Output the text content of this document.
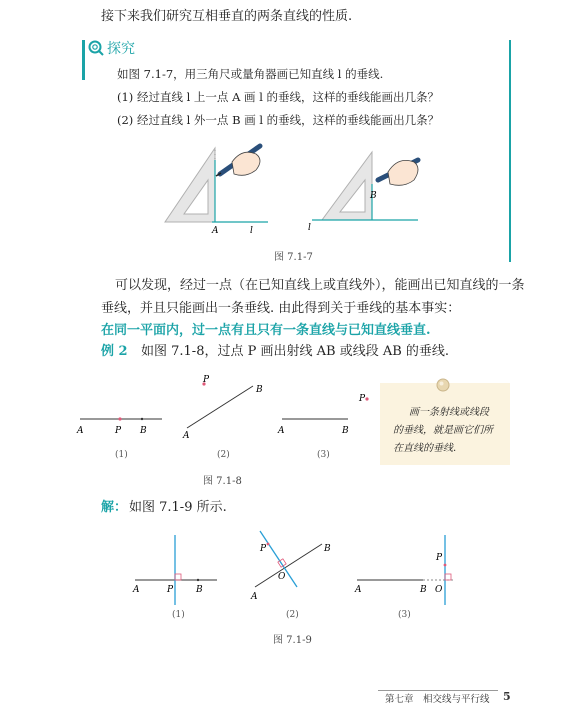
接下来我们研究互相垂直的两条直线的性质.
探究
如图 7.1-7，用三角尺或量角器画已知直线 l 的垂线.
(1) 经过直线 l 上一点 A 画 l 的垂线，这样的垂线能画出几条？
(2) 经过直线 l 外一点 B 画 l 的垂线，这样的垂线能画出几条？
A	l
B
l
图 7.1-7
可以发现，经过一点（在已知直线上或直线外），能画出已知直线的一条
垂线，并且只能画出一条垂线. 由此得到关于垂线的基本事实：
在同一平面内，过一点有且只有一条直线与已知直线垂直.
例 2 如图 7.1-8，过点 P 画出射线 AB 或线段 AB 的垂线.
A	P B
(1)
P
B
A
(2)
A	B
P
(3)
图 7.1-8
画一条射线或线段
的垂线，就是画它们所
在直线的垂线.
解： 如图 7.1-9 所示.
A	P	B
(1)
P	B
O
A
(2)
P
A	B O
(3)
图 7.1-9
第七章　相交线与平行线 5
